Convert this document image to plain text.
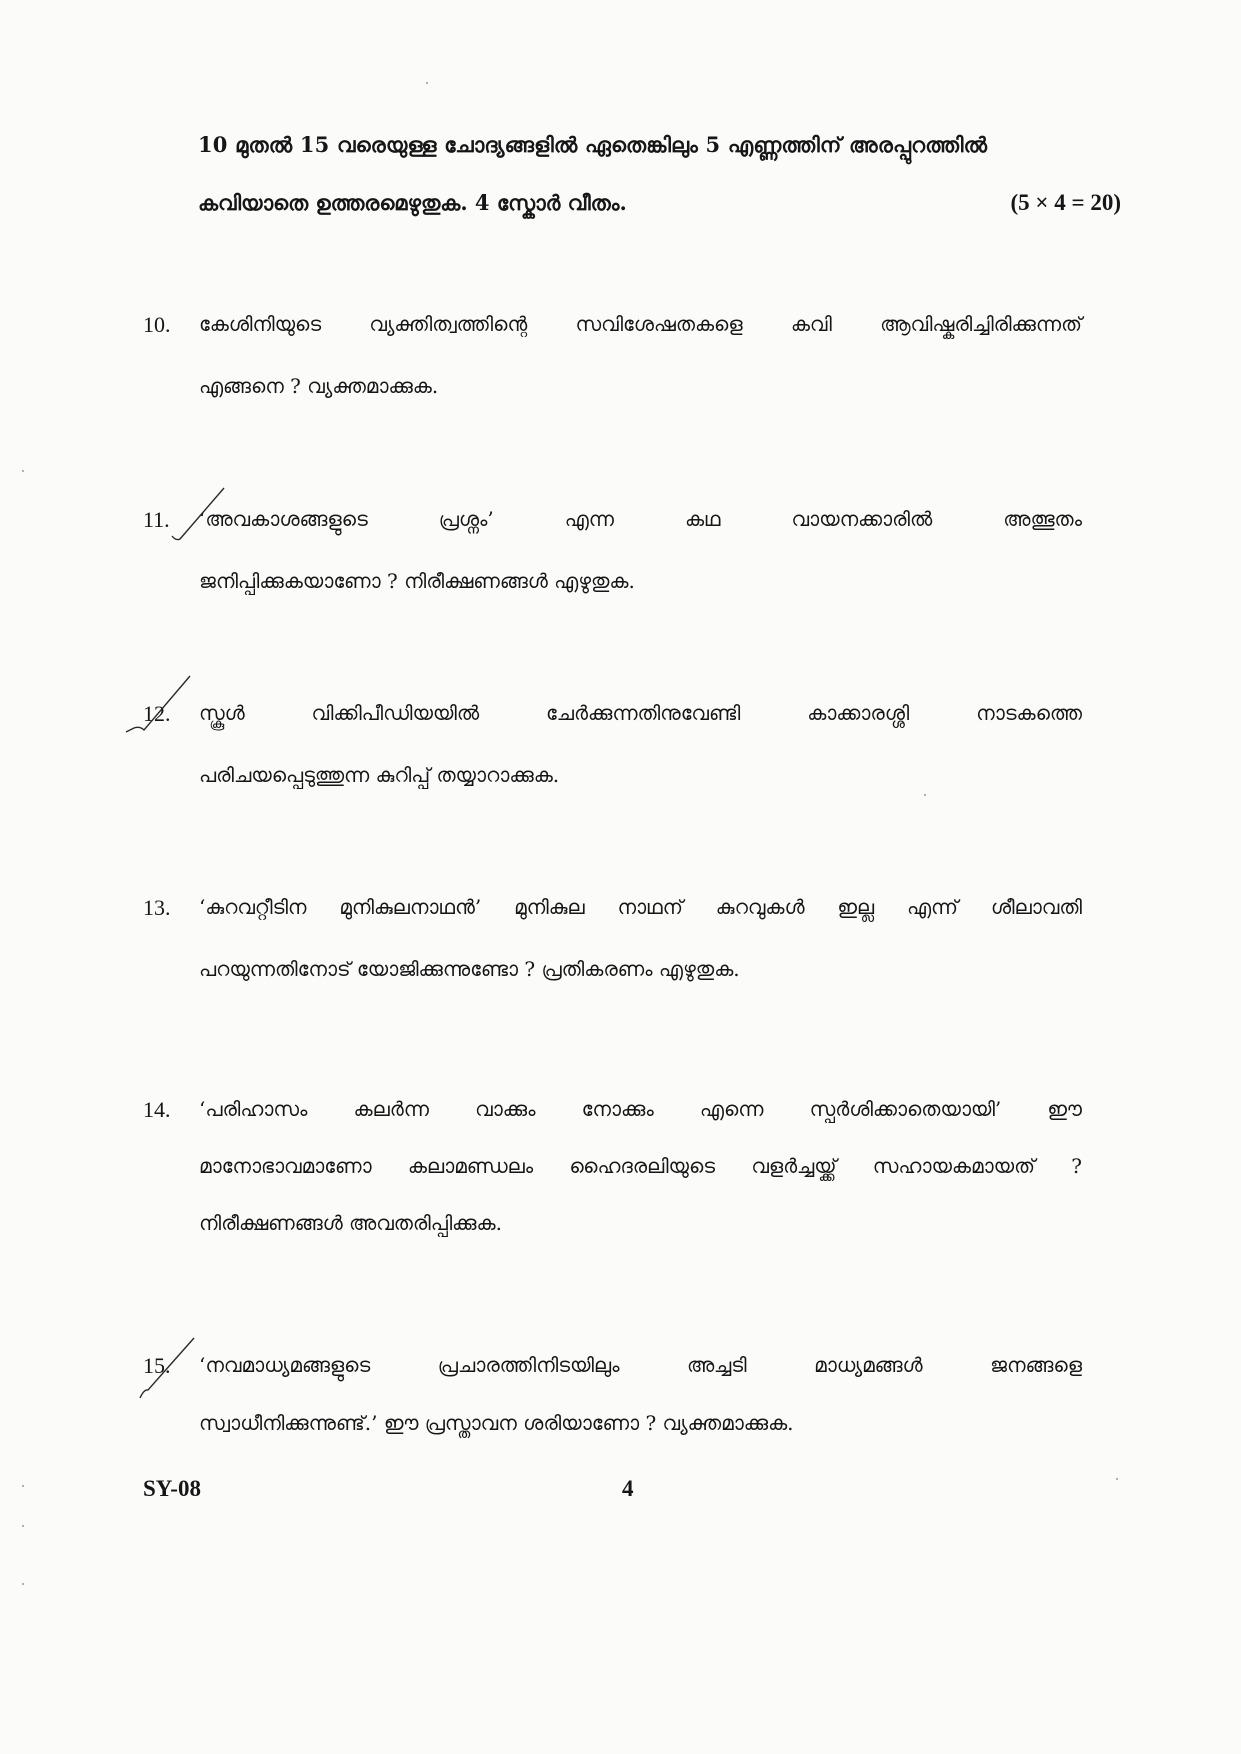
10 മുതൽ 15 വരെയുള്ള ചോദ്യങ്ങളിൽ ഏതെങ്കിലും 5 എണ്ണത്തിന് അരപ്പുറത്തിൽ
കവിയാതെ ഉത്തരമെഴുതുക. 4 സ്കോർ വീതം.	(5 × 4 = 20)
10. കേശിനിയുടെ വ്യക്തിത്വത്തിന്റെ സവിശേഷതകളെ കവി ആവിഷ്കരിച്ചിരിക്കുന്നത്
എങ്ങനെ ? വ്യക്തമാക്കുക.
11. ‘അവകാശങ്ങളുടെ പ്രശ്നം’ എന്ന കഥ വായനക്കാരിൽ അത്ഭുതം
ജനിപ്പിക്കുകയാണോ ? നിരീക്ഷണങ്ങൾ എഴുതുക.
12. സ്കൂൾ വിക്കിപീഡിയയിൽ ചേർക്കുന്നതിനുവേണ്ടി കാക്കാരശ്ശി നാടകത്തെ
പരിചയപ്പെടുത്തുന്ന കുറിപ്പ് തയ്യാറാക്കുക.
13. ‘കുറവറ്റീടിന മുനികുലനാഥൻ’ മുനികുല നാഥന് കുറവുകൾ ഇല്ല എന്ന് ശീലാവതി
പറയുന്നതിനോട് യോജിക്കുന്നുണ്ടോ ? പ്രതികരണം എഴുതുക.
14. ‘പരിഹാസം കലർന്ന വാക്കും നോക്കും എന്നെ സ്പർശിക്കാതെയായി’ ഈ
മാനോഭാവമാണോ കലാമണ്ഡലം ഹൈദരലിയുടെ വളർച്ചയ്ക്ക് സഹായകമായത് ?
നിരീക്ഷണങ്ങൾ അവതരിപ്പിക്കുക.
15. ‘നവമാധ്യമങ്ങളുടെ പ്രചാരത്തിനിടയിലും അച്ചടി മാധ്യമങ്ങൾ ജനങ്ങളെ
സ്വാധീനിക്കുന്നുണ്ട്.’ ഈ പ്രസ്താവന ശരിയാണോ ? വ്യക്തമാക്കുക.
SY-08	4
